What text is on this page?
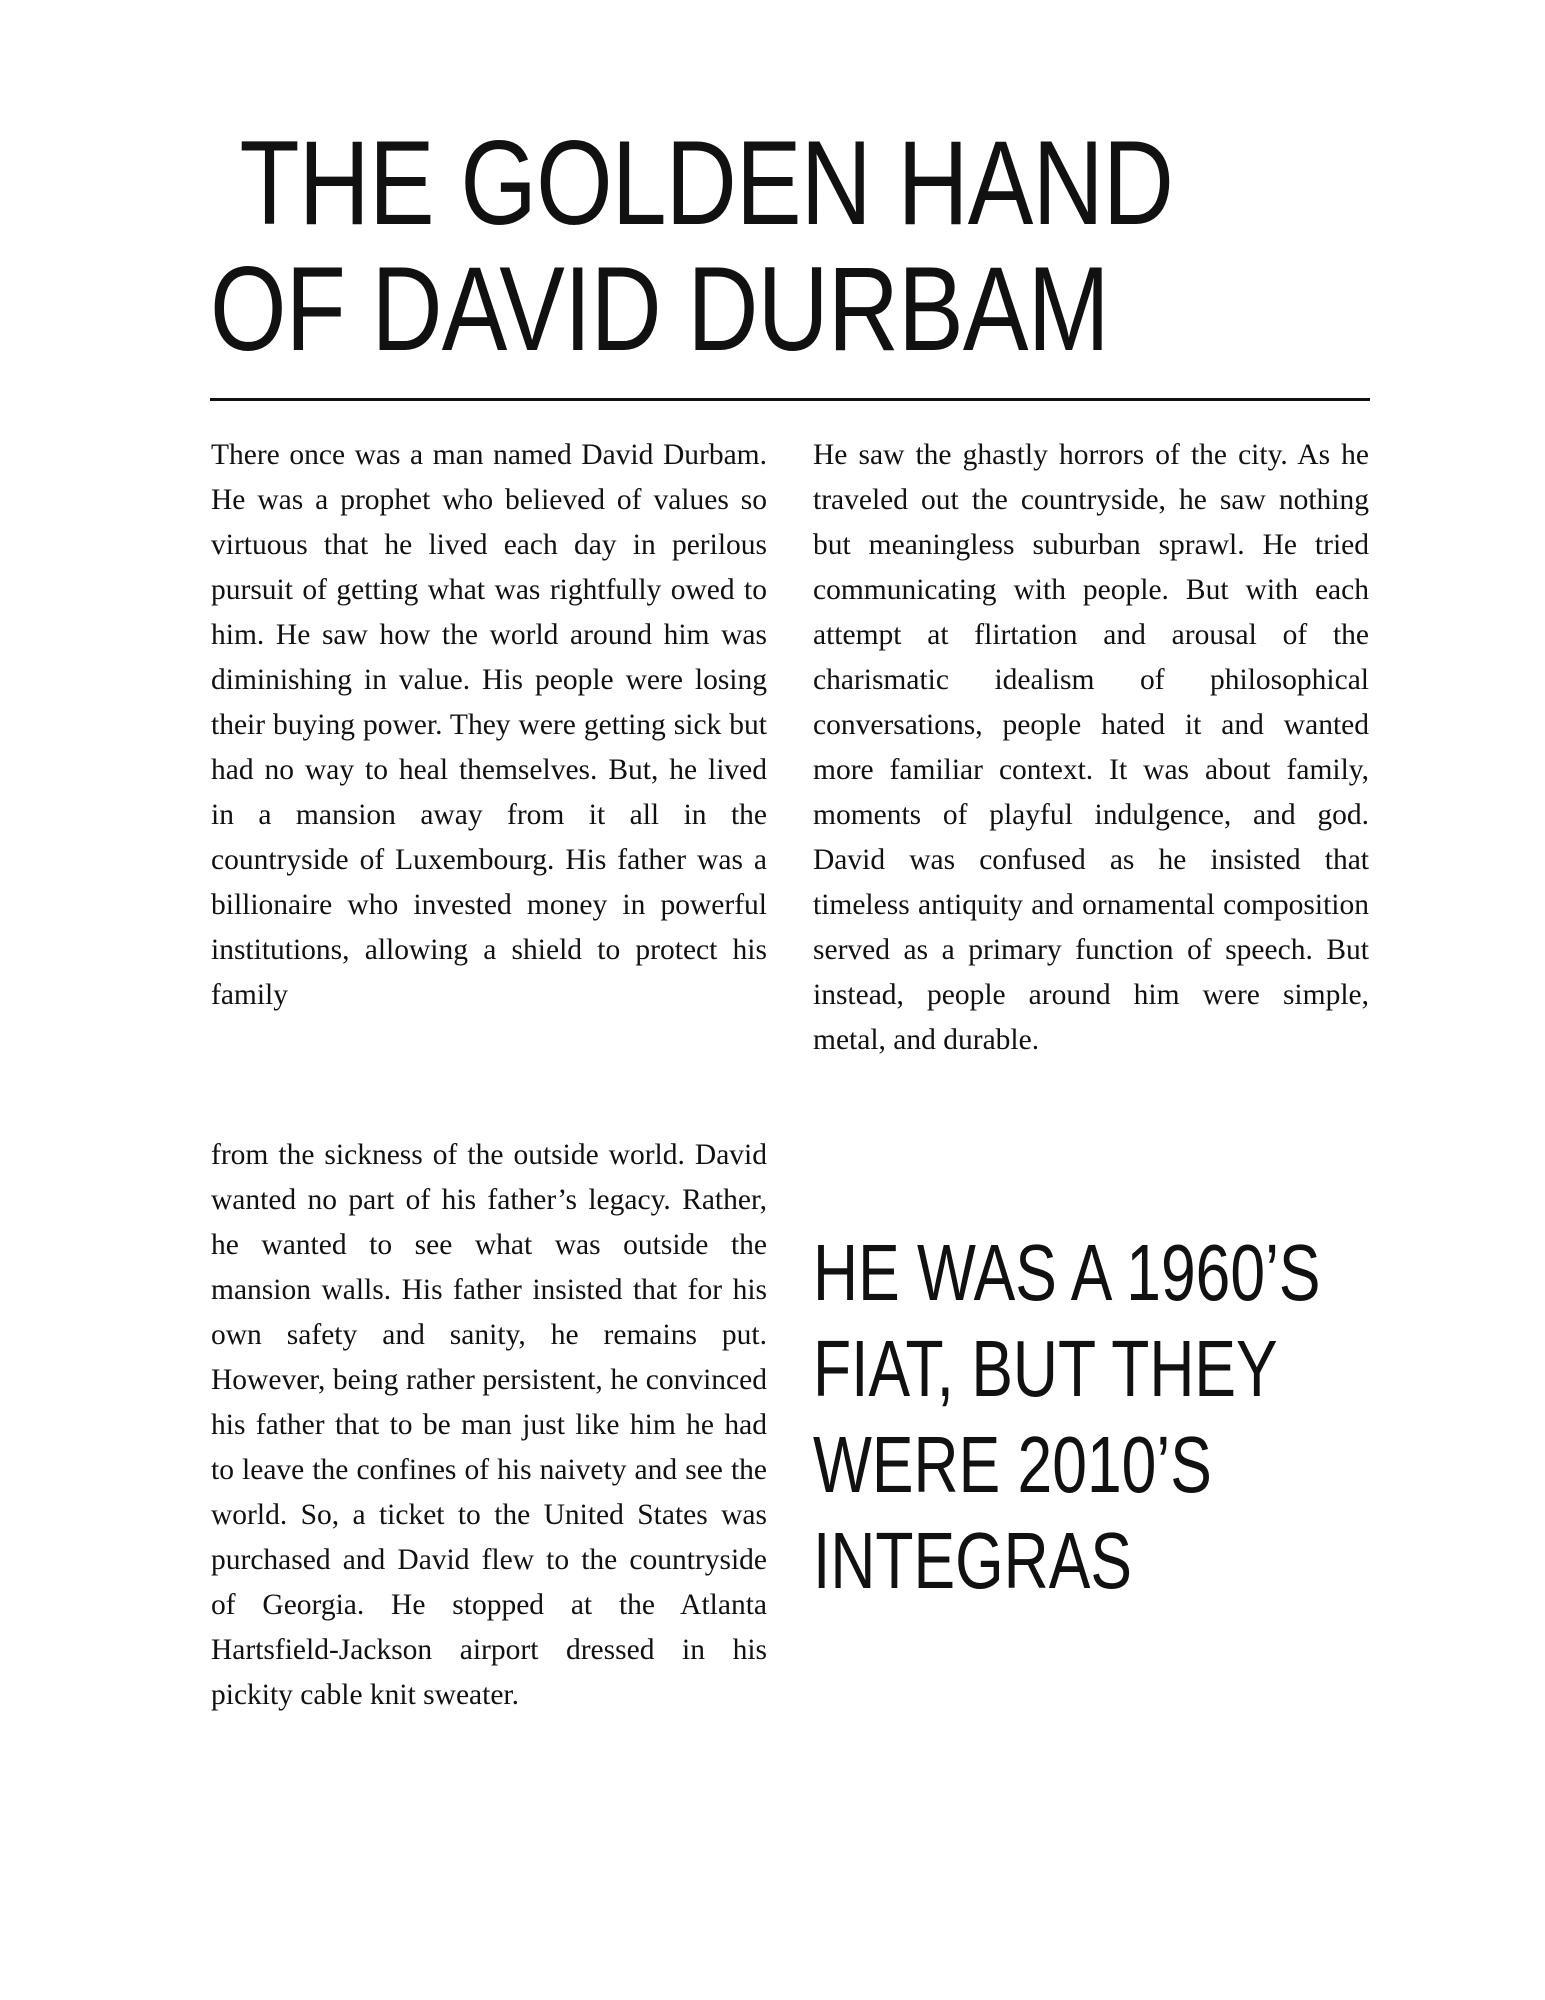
THE GOLDEN HAND
OF DAVID DURBAM

There once was a man named David Durbam. He was a prophet who believed of values so virtuous that he lived each day in perilous pursuit of getting what was rightfully owed to him. He saw how the world around him was diminishing in value. His people were losing their buying power. They were getting sick but had no way to heal themselves. But, he lived in a mansion away from it all in the countryside of Luxembourg. His father was a billionaire who invested money in powerful institutions, allowing a shield to protect his family

from the sickness of the outside world. David wanted no part of his father’s legacy. Rather, he wanted to see what was outside the mansion walls. His father insisted that for his own safety and sanity, he remains put. However, being rather persistent, he convinced his father that to be man just like him he had to leave the confines of his naivety and see the world. So, a ticket to the United States was purchased and David flew to the countryside of Georgia. He stopped at the Atlanta Hartsfield-Jackson airport dressed in his pickity cable knit sweater.

He saw the ghastly horrors of the city. As he traveled out the countryside, he saw nothing but meaningless suburban sprawl. He tried communicating with people. But with each attempt at flirtation and arousal of the charismatic idealism of philosophical conversations, people hated it and wanted more familiar context. It was about family, moments of playful indulgence, and god. David was confused as he insisted that timeless antiquity and ornamental composition served as a primary function of speech. But instead, people around him were simple, metal, and durable.

HE WAS A 1960’S FIAT, BUT THEY WERE 2010’S INTEGRAS
